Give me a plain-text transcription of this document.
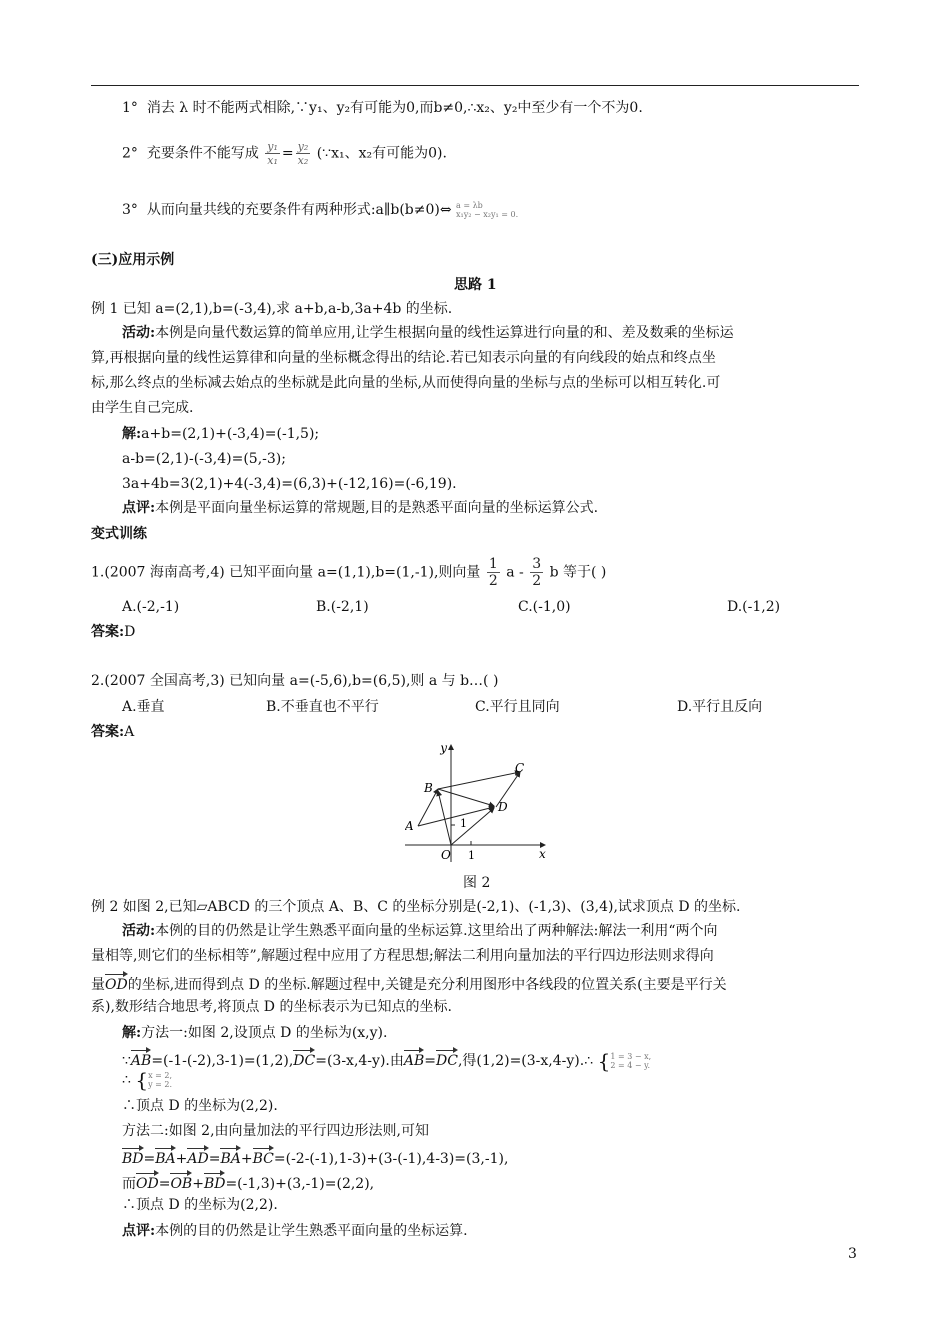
1° 消去 λ 时不能两式相除,∵y₁、y₂有可能为0,而b≠0,∴x₂、y₂中至少有一个不为0.
2° 充要条件不能写成 $\frac{\text{y₁}}{\text{x₁}} = \frac{\text{y₂}}{\text{x₂}}$ (∵x₁、x₂有可能为0).
3° 从而向量共线的充要条件有两种形式:a∥b(b≠0)⇔ a = λb
x₁y₂ − x₂y₁ = 0.
(三)应用示例
思路 1
例 1 已知 a=(2,1),b=(-3,4),求 a+b,a-b,3a+4b 的坐标.
活动:本例是向量代数运算的简单应用,让学生根据向量的线性运算进行向量的和、差及数乘的坐标运
算,再根据向量的线性运算律和向量的坐标概念得出的结论.若已知表示向量的有向线段的始点和终点坐
标,那么终点的坐标减去始点的坐标就是此向量的坐标,从而使得向量的坐标与点的坐标可以相互转化.可
由学生自己完成.
解:a+b=(2,1)+(-3,4)=(-1,5);
a-b=(2,1)-(-3,4)=(5,-3);
3a+4b=3(2,1)+4(-3,4)=(6,3)+(-12,16)=(-6,19).
点评:本例是平面向量坐标运算的常规题,目的是熟悉平面向量的坐标运算公式.
变式训练
1.(2007 海南高考,4) 已知平面向量 a=(1,1),b=(1,-1),则向量 $\frac{1}{2}$ a - $\frac{3}{2}$ b 等于( )
A.(-2,-1)	B.(-2,1)	C.(-1,0)	D.(-1,2)
答案:D
2.(2007 全国高考,3) 已知向量 a=(-5,6),b=(6,5),则 a 与 b…( )
A.垂直	B.不垂直也不平行	C.平行且同向	D.平行且反向
答案:A
y
x
O 1
1
A
B
C
D
图 2
例 2 如图 2,已知▱ABCD 的三个顶点 A、B、C 的坐标分别是(-2,1)、(-1,3)、(3,4),试求顶点 D 的坐标.
活动:本例的目的仍然是让学生熟悉平面向量的坐标运算.这里给出了两种解法:解法一利用“两个向
量相等,则它们的坐标相等”,解题过程中应用了方程思想;解法二利用向量加法的平行四边形法则求得向
量OD的坐标,进而得到点 D 的坐标.解题过程中,关键是充分利用图形中各线段的位置关系(主要是平行关
系),数形结合地思考,将顶点 D 的坐标表示为已知点的坐标.
解:方法一:如图 2,设顶点 D 的坐标为(x,y).
∵AB=(-1-(-2),3-1)=(1,2),DC=(3-x,4-y).由AB=DC,得(1,2)=(3-x,4-y).∴ { 1 = 3 − x,
2 = 4 − y.
∴ { x = 2,
y = 2.
∴顶点 D 的坐标为(2,2).
方法二:如图 2,由向量加法的平行四边形法则,可知
BD=BA+AD=BA+BC=(-2-(-1),1-3)+(3-(-1),4-3)=(3,-1),
而OD=OB+BD=(-1,3)+(3,-1)=(2,2),
∴顶点 D 的坐标为(2,2).
点评:本例的目的仍然是让学生熟悉平面向量的坐标运算.
3
